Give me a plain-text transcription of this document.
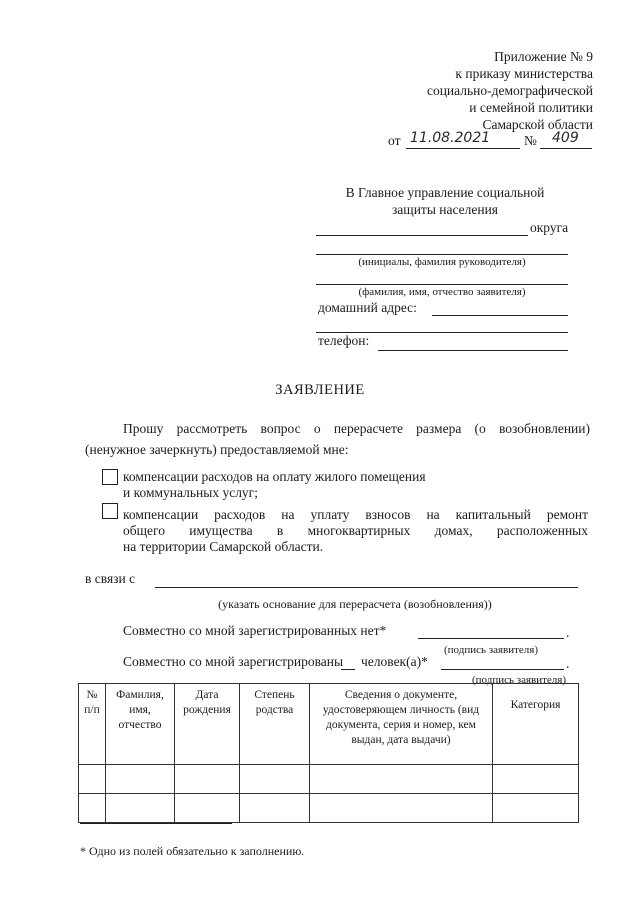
Приложение № 9
к приказу министерства
социально-демографической
и семейной политики
Самарской области
от 11.08.2021	№ 409
В Главное управление социальной
защиты населения
округа
(инициалы, фамилия руководителя)
(фамилия, имя, отчество заявителя)
домашний адрес:
телефон:
ЗАЯВЛЕНИЕ
Прошу рассмотреть вопрос о перерасчете размера (о возобновлении)
(ненужное зачеркнуть) предоставляемой мне:
компенсации расходов на оплату жилого помещения
и коммунальных услуг;
компенсации расходов на уплату взносов на капитальный ремонт
общего имущества в многоквартирных домах, расположенных
на территории Самарской области.
в связи с
(указать основание для перерасчета (возобновления))
Совместно со мной зарегистрированных нет*	.
(подпись заявителя)
Совместно со мной зарегистрированы человек(а)*	.
(подпись заявителя)
№ п/п	Фамилия, имя, отчество	Дата рождения	Степень родства	Сведения о документе, удостоверяющем личность (вид документа, серия и номер, кем выдан, дата выдачи)	Категория

* Одно из полей обязательно к заполнению.
